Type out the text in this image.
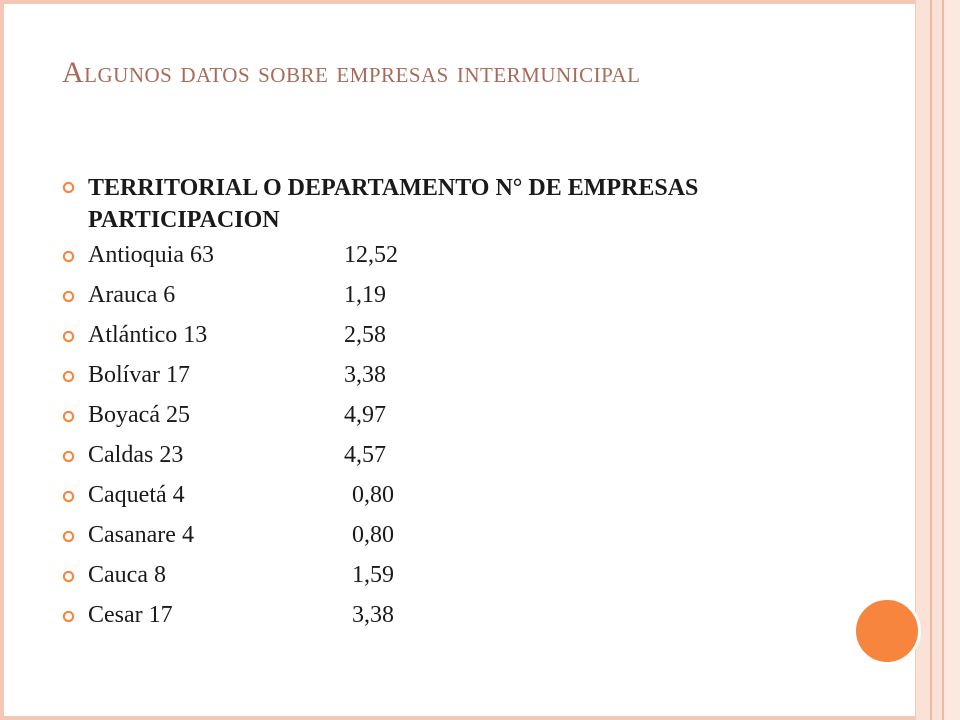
Algunos datos sobre empresas intermunicipal
TERRITORIAL O DEPARTAMENTO N° DE EMPRESAS PARTICIPACION
Antioquia 63	12,52
Arauca 6	1,19
Atlántico 13	2,58
Bolívar 17	3,38
Boyacá 25	4,97
Caldas 23	4,57
Caquetá 4	0,80
Casanare 4	0,80
Cauca 8	1,59
Cesar 17	3,38
